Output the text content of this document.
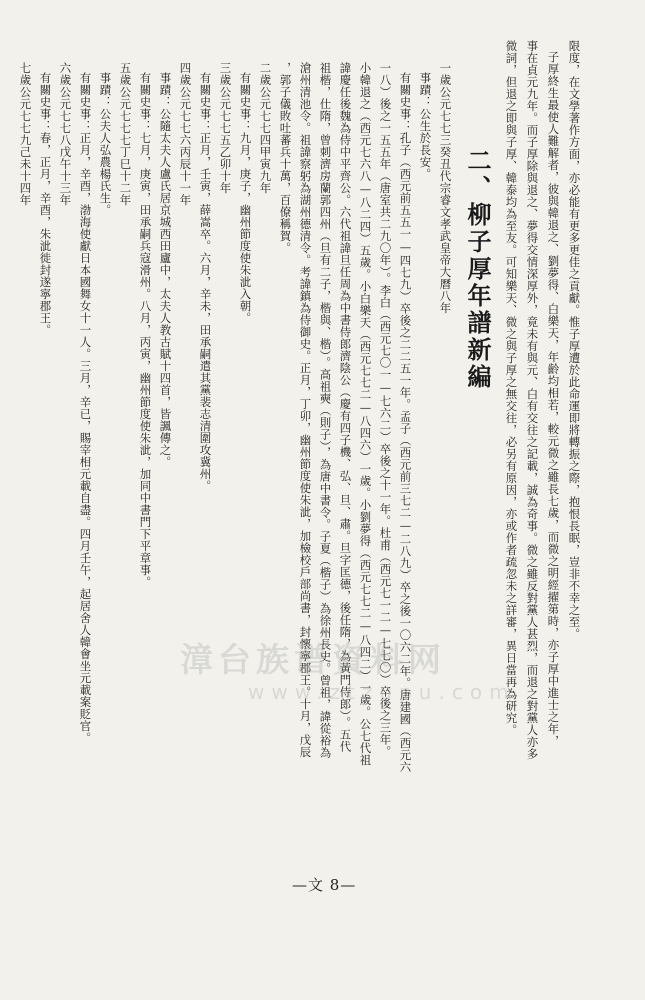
限度，在文學著作方面，亦必能有更多更佳之貢獻。惟子厚遭於此命運即將轉振之際，抱恨長眠，豈非不幸之至。
子厚終生最使人難解者，彼與韓退之、劉夢得、白樂天，年齡均相若，較元微之雖長七歲，而微之明經擢第時，亦子厚中進士之年，
事在貞元九年。而子厚除與退之、夢得交情深厚外，竟未有與元、白有交往之記載，誠為奇事。微之雖反對黨人甚烈，而退之對黨人亦多
微詞，但退之即與子厚、韓泰均為至友。可知樂天、微之與子厚之無交往，必另有原因，亦或作者疏忽未之詳審，異日當再為研究。
二、柳子厚年譜新編
一歲公元七七三癸丑代宗睿文孝武皇帝大曆八年
事蹟：公生於長安。
有關史事：孔子（西元前五五一—四七九）卒後之二二五一年。孟子（西元前三七二—二八九）卒之後一〇六二年。唐建國（西元六
一八）後之一五五年（唐室共二九〇年）。李白（西元七〇一—七六二）卒後之十一年。杜甫（西元七一二—七七〇）卒後之三年。
小韓退之（西元七六八—八二四）五歲。小白樂天（西元七七二—八四六）一歲。小劉夢得（西元七七二—八四二）一歲。公七代祖
諱慶任後魏為侍中平齊公。六代祖諱旦任周為中書侍郎濟陰公（慶有四子機、弘、旦、肅。旦字匡德，後任隋，為黃門侍郎）。五代
祖楷，仕隋，曾刺濟房蘭郭四州（旦有二子，楷與、楷）。高祖奭（則子），為唐中書令。子夏（楷子）為徐州長史。曾祖，諱從裕為
滄州清池令。祖諱察躬為湖州德清令。考諱鎮為侍御史。正月，丁卯，幽州節度使朱泚，加檢校戶部尚書，封懷寧郡王。十月，戊辰
，郭子儀敗吐蕃兵十萬，百僚稱賀。
二歲公元七七四甲寅九年
有關史事：九月，庚子，幽州節度使朱泚入朝。
三歲公元七七五乙卯十年
有關史事：正月，壬寅，薛嵩卒。六月，辛未，田承嗣遣其黨裴志清圍攻冀州。
四歲公元七七六丙辰十一年
事蹟：公隨太夫人盧氏居京城西田廬中，太夫人教古賦十四首，皆諷傳之。
有關史事：七月，庚寅，田承嗣兵寇滑州。八月，丙寅，幽州節度使朱泚，加同中書門下平章事。
五歲公元七七七丁巳十二年
事蹟：公夫人弘農楊氏生。
有關史事：正月，辛酉，渤海使獻日本國舞女十一人。三月，辛已，賜宰相元載自盡。四月壬午，起居舍人韓會坐元載案貶官。
六歲公元七七八戊午十三年
有關史事：春，正月，辛酉，朱泚徙封遂寧郡王。
七歲公元七七九己未十四年
漳台族谱資料网
www.ztzupu.com
—文 8—
